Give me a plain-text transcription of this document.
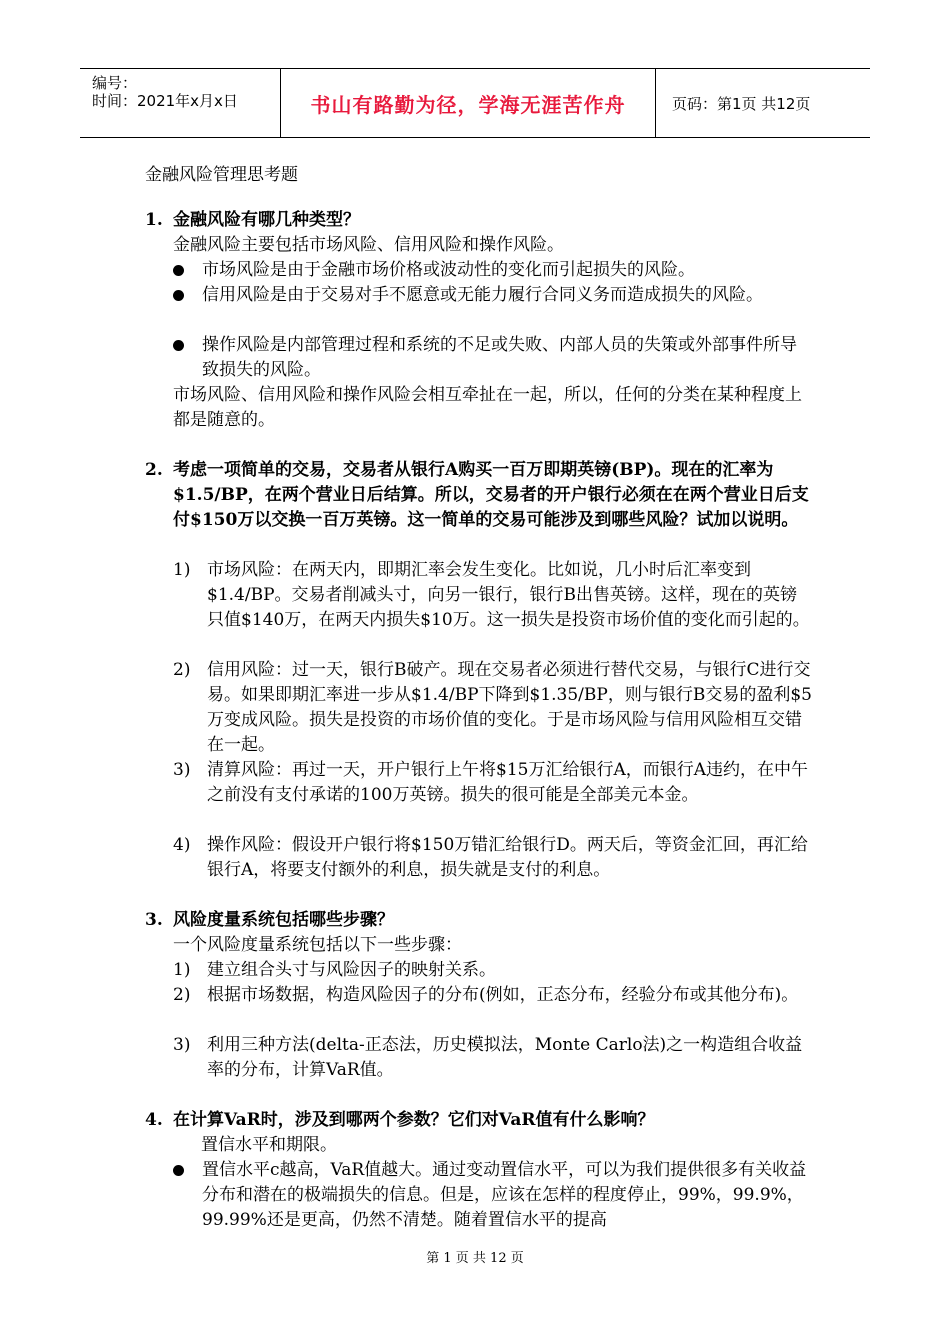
编号：
时间：2021年x月x日	书山有路勤为径，学海无涯苦作舟	页码：第1页 共12页
金融风险管理思考题
1. 金融风险有哪几种类型？
金融风险主要包括市场风险、信用风险和操作风险。
市场风险是由于金融市场价格或波动性的变化而引起损失的风险。
信用风险是由于交易对手不愿意或无能力履行合同义务而造成损失的风险。
操作风险是内部管理过程和系统的不足或失败、内部人员的失策或外部事件所导致损失的风险。
市场风险、信用风险和操作风险会相互牵扯在一起，所以，任何的分类在某种程度上都是随意的。
2. 考虑一项简单的交易，交易者从银行A购买一百万即期英镑(BP)。现在的汇率为$1.5/BP，在两个营业日后结算。所以，交易者的开户银行必须在在两个营业日后支付$150万以交换一百万英镑。这一简单的交易可能涉及到哪些风险？试加以说明。
1) 市场风险：在两天内，即期汇率会发生变化。比如说，几小时后汇率变到$1.4/BP。交易者削减头寸，向另一银行，银行B出售英镑。这样，现在的英镑只值$140万，在两天内损失$10万。这一损失是投资市场价值的变化而引起的。
2) 信用风险：过一天，银行B破产。现在交易者必须进行替代交易，与银行C进行交易。如果即期汇率进一步从$1.4/BP下降到$1.35/BP，则与银行B交易的盈利$5万变成风险。损失是投资的市场价值的变化。于是市场风险与信用风险相互交错在一起。
3) 清算风险：再过一天，开户银行上午将$15万汇给银行A，而银行A违约，在中午之前没有支付承诺的100万英镑。损失的很可能是全部美元本金。
4) 操作风险：假设开户银行将$150万错汇给银行D。两天后，等资金汇回，再汇给银行A，将要支付额外的利息，损失就是支付的利息。
3. 风险度量系统包括哪些步骤？
一个风险度量系统包括以下一些步骤：
1) 建立组合头寸与风险因子的映射关系。
2) 根据市场数据，构造风险因子的分布(例如，正态分布，经验分布或其他分布)。
3) 利用三种方法(delta-正态法，历史模拟法，Monte Carlo法)之一构造组合收益率的分布，计算VaR值。
4. 在计算VaR时，涉及到哪两个参数？它们对VaR值有什么影响？
置信水平和期限。
置信水平c越高，VaR值越大。通过变动置信水平，可以为我们提供很多有关收益分布和潜在的极端损失的信息。但是，应该在怎样的程度停止，99%，99.9%，99.99%还是更高，仍然不清楚。随着置信水平的提高
第 1 页 共 12 页
